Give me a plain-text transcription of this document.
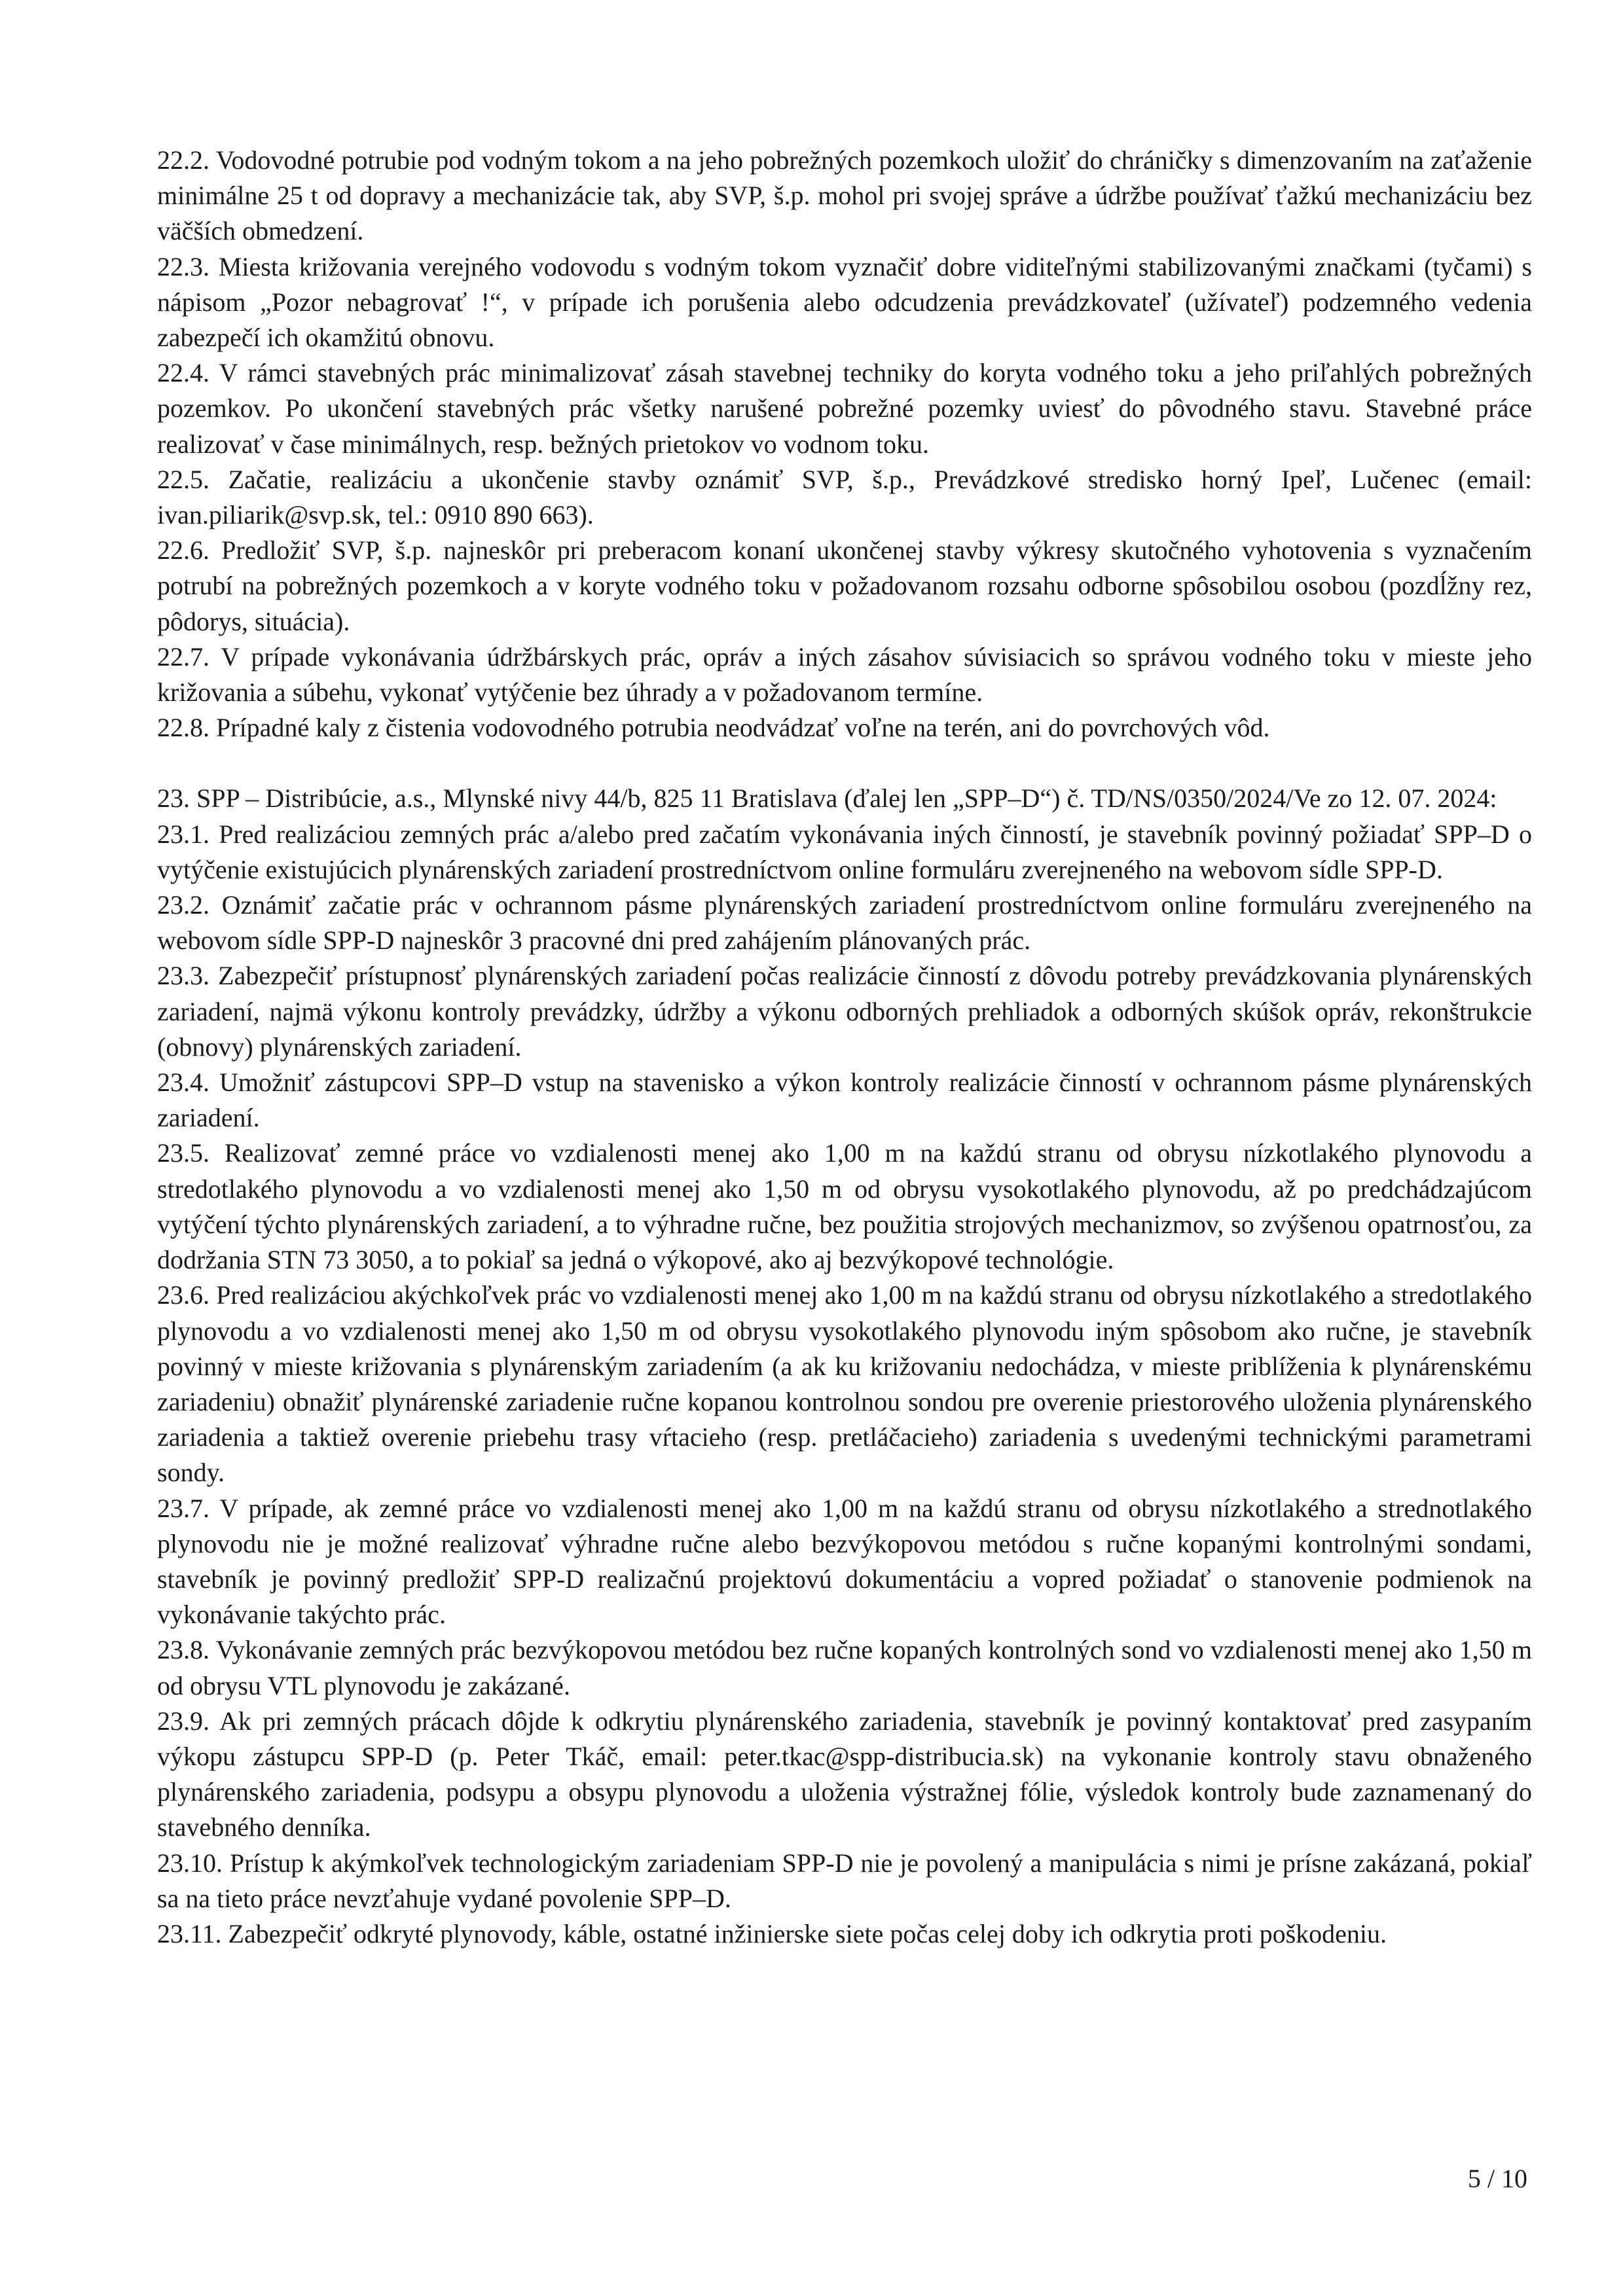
22.2. Vodovodné potrubie pod vodným tokom a na jeho pobrežných pozemkoch uložiť do chráničky s dimenzovaním na zaťaženie minimálne 25 t od dopravy a mechanizácie tak, aby SVP, š.p. mohol pri svojej správe a údržbe používať ťažkú mechanizáciu bez väčších obmedzení.

22.3. Miesta križovania verejného vodovodu s vodným tokom vyznačiť dobre viditeľnými stabilizovanými značkami (tyčami) s nápisom „Pozor nebagrovať !“, v prípade ich porušenia alebo odcudzenia prevádzkovateľ (užívateľ) podzemného vedenia zabezpečí ich okamžitú obnovu.

22.4. V rámci stavebných prác minimalizovať zásah stavebnej techniky do koryta vodného toku a jeho priľahlých pobrežných pozemkov. Po ukončení stavebných prác všetky narušené pobrežné pozemky uviesť do pôvodného stavu. Stavebné práce realizovať v čase minimálnych, resp. bežných prietokov vo vodnom toku.

22.5. Začatie, realizáciu a ukončenie stavby oznámiť SVP, š.p., Prevádzkové stredisko horný Ipeľ, Lučenec (email: ivan.piliarik@svp.sk, tel.: 0910 890 663).

22.6. Predložiť SVP, š.p. najneskôr pri preberacom konaní ukončenej stavby výkresy skutočného vyhotovenia s vyznačením potrubí na pobrežných pozemkoch a v koryte vodného toku v požadovanom rozsahu odborne spôsobilou osobou (pozdĺžny rez, pôdorys, situácia).

22.7. V prípade vykonávania údržbárskych prác, opráv a iných zásahov súvisiacich so správou vodného toku v mieste jeho križovania a súbehu, vykonať vytýčenie bez úhrady a v požadovanom termíne.

22.8. Prípadné kaly z čistenia vodovodného potrubia neodvádzať voľne na terén, ani do povrchových vôd.

23. SPP – Distribúcie, a.s., Mlynské nivy 44/b, 825 11 Bratislava (ďalej len „SPP–D“) č. TD/NS/0350/2024/Ve zo 12. 07. 2024:

23.1. Pred realizáciou zemných prác a/alebo pred začatím vykonávania iných činností, je stavebník povinný požiadať SPP–D o vytýčenie existujúcich plynárenských zariadení prostredníctvom online formuláru zverejneného na webovom sídle SPP-D.

23.2. Oznámiť začatie prác v ochrannom pásme plynárenských zariadení prostredníctvom online formuláru zverejneného na webovom sídle SPP-D najneskôr 3 pracovné dni pred zahájením plánovaných prác.

23.3. Zabezpečiť prístupnosť plynárenských zariadení počas realizácie činností z dôvodu potreby prevádzkovania plynárenských zariadení, najmä výkonu kontroly prevádzky, údržby a výkonu odborných prehliadok a odborných skúšok opráv, rekonštrukcie (obnovy) plynárenských zariadení.

23.4. Umožniť zástupcovi SPP–D vstup na stavenisko a výkon kontroly realizácie činností v ochrannom pásme plynárenských zariadení.

23.5. Realizovať zemné práce vo vzdialenosti menej ako 1,00 m na každú stranu od obrysu nízkotlakého plynovodu a stredotlakého plynovodu a vo vzdialenosti menej ako 1,50 m od obrysu vysokotlakého plynovodu, až po predchádzajúcom vytýčení týchto plynárenských zariadení, a to výhradne ručne, bez použitia strojových mechanizmov, so zvýšenou opatrnosťou, za dodržania STN 73 3050, a to pokiaľ sa jedná o výkopové, ako aj bezvýkopové technológie.

23.6. Pred realizáciou akýchkoľvek prác vo vzdialenosti menej ako 1,00 m na každú stranu od obrysu nízkotlakého a stredotlakého plynovodu a vo vzdialenosti menej ako 1,50 m od obrysu vysokotlakého plynovodu iným spôsobom ako ručne, je stavebník povinný v mieste križovania s plynárenským zariadením (a ak ku križovaniu nedochádza, v mieste priblíženia k plynárenskému zariadeniu) obnažiť plynárenské zariadenie ručne kopanou kontrolnou sondou pre overenie priestorového uloženia plynárenského zariadenia a taktiež overenie priebehu trasy vŕtacieho (resp. pretláčacieho) zariadenia s uvedenými technickými parametrami sondy.

23.7. V prípade, ak zemné práce vo vzdialenosti menej ako 1,00 m na každú stranu od obrysu nízkotlakého a strednotlakého plynovodu nie je možné realizovať výhradne ručne alebo bezvýkopovou metódou s ručne kopanými kontrolnými sondami, stavebník je povinný predložiť SPP-D realizačnú projektovú dokumentáciu a vopred požiadať o stanovenie podmienok na vykonávanie takýchto prác.

23.8. Vykonávanie zemných prác bezvýkopovou metódou bez ručne kopaných kontrolných sond vo vzdialenosti menej ako 1,50 m od obrysu VTL plynovodu je zakázané.

23.9. Ak pri zemných prácach dôjde k odkrytiu plynárenského zariadenia, stavebník je povinný kontaktovať pred zasypaním výkopu zástupcu SPP-D (p. Peter Tkáč, email: peter.tkac@spp-distribucia.sk) na vykonanie kontroly stavu obnaženého plynárenského zariadenia, podsypu a obsypu plynovodu a uloženia výstražnej fólie, výsledok kontroly bude zaznamenaný do stavebného denníka.

23.10. Prístup k akýmkoľvek technologickým zariadeniam SPP-D nie je povolený a manipulácia s nimi je prísne zakázaná, pokiaľ sa na tieto práce nevzťahuje vydané povolenie SPP–D.

23.11. Zabezpečiť odkryté plynovody, káble, ostatné inžinierske siete počas celej doby ich odkrytia proti poškodeniu.

5 / 10
